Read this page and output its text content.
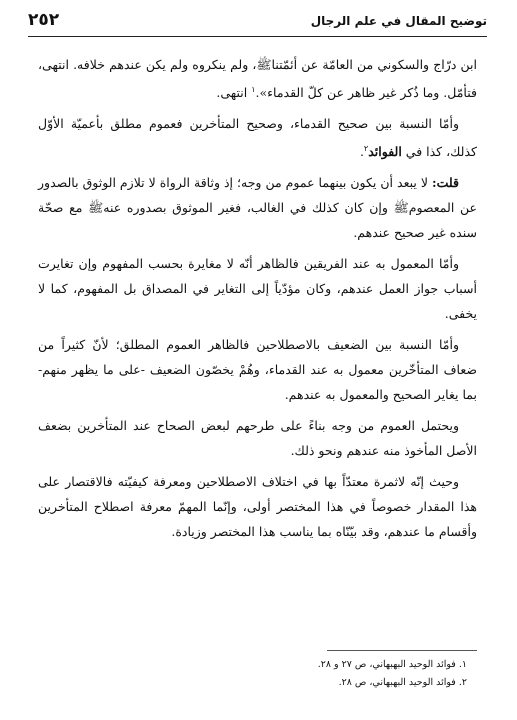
توضيح المقال في علم الرجال
٢٥٢

ابن درّاج والسكوني من العامّة عن أئمّتناﷺ، ولم ينكروه ولم يكن عندهم خلافه. انتهى، فتأمّل. وما ذُكر غير ظاهر عن كلّ القدماء».$^١$ انتهى.

وأمّا النسبة بين صحيح القدماء، وصحيح المتأخرين فعموم مطلق بأعميّة الأوّل كذلك، كذا في الفوائد$^٢$.

قلت: لا يبعد أن يكون بينهما عموم من وجه؛ إذ وثاقة الرواة لا تلازم الوثوق بالصدور عن المعصومﷺ وإن كان كذلك في الغالب، فغير الموثوق بصدوره عنهﷺ مع صحّة سنده غير صحيح عندهم.

وأمّا المعمول به عند الفريقين فالظاهر أنّه لا مغايرة بحسب المفهوم وإن تغايرت أسباب جواز العمل عندهم، وكان مؤدّياً إلى التغاير في المصداق بل المفهوم، كما لا يخفى.

وأمّا النسبة بين الضعيف بالاصطلاحين فالظاهر العموم المطلق؛ لأنّ كثيراً من ضعاف المتأخّرين معمول به عند القدماء، وهُمْ يخصّون الضعيف -على ما يظهر منهم- بما يغاير الصحيح والمعمول به عندهم.

ويحتمل العموم من وجه بناءً على طرحهم لبعض الصحاح عند المتأخرين بضعف الأصل المأخوذ منه عندهم ونحو ذلك.

وحيث إنّه لاثمرة معتدّاً بها في اختلاف الاصطلاحين ومعرفة كيفيّته فالاقتصار على هذا المقدار خصوصاً في هذا المختصر أولى، وإنّما المهمّ معرفة اصطلاح المتأخرين وأقسام ما عندهم، وقد بيّنّاه بما يناسب هذا المختصر وزيادة.

١. فوائد الوحيد البهبهاني، ص ٢٧ و ٢٨.
٢. فوائد الوحيد البهبهاني، ص ٢٨.
